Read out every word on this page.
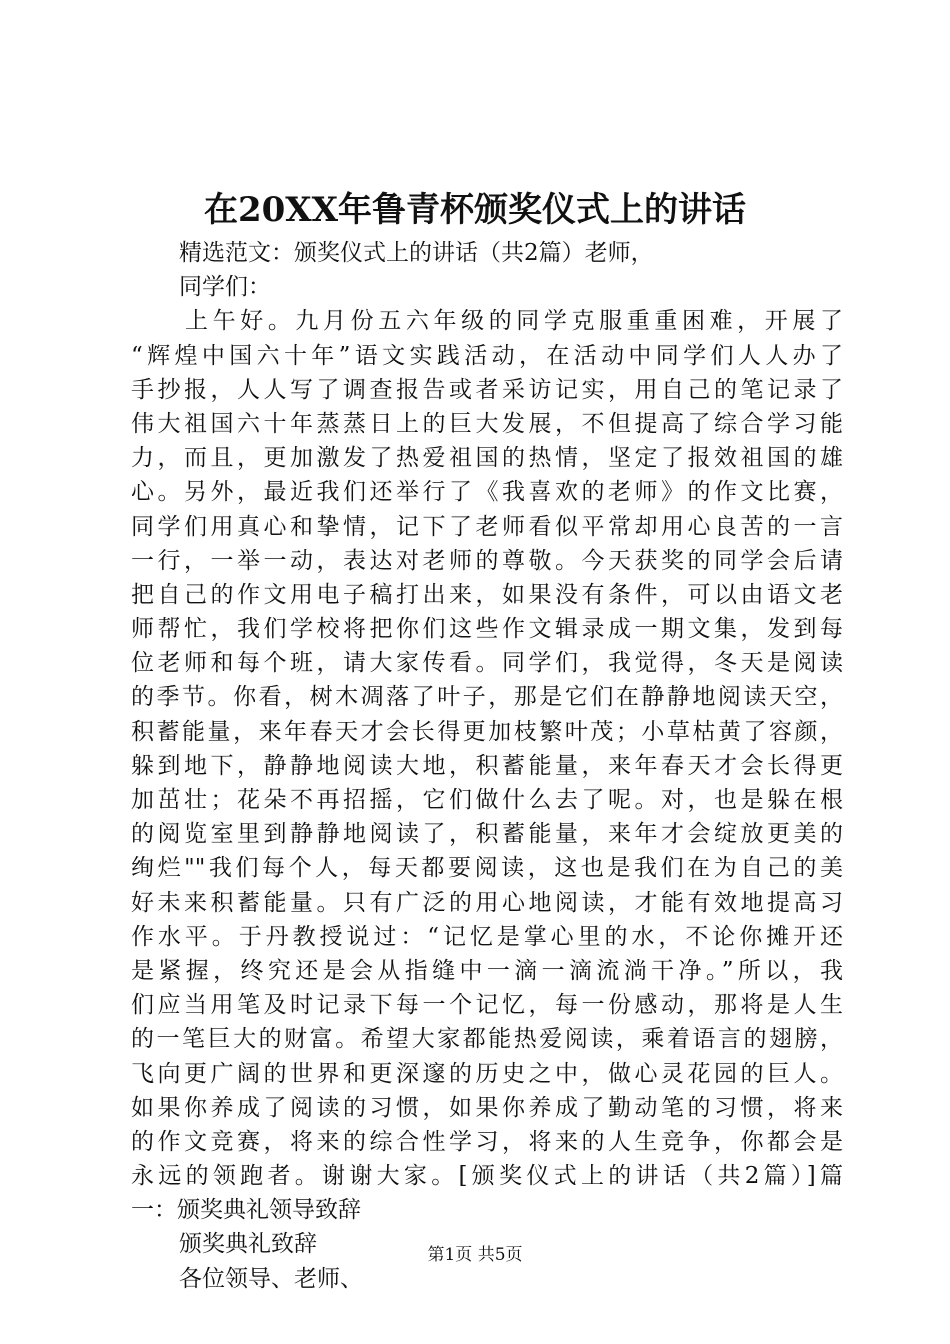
在20XX年鲁青杯颁奖仪式上的讲话
精选范文：颁奖仪式上的讲话（共2篇）老师，
同学们：
上午好。九月份五六年级的同学克服重重困难，开展了
“辉煌中国六十年”语文实践活动，在活动中同学们人人办了
手抄报，人人写了调查报告或者采访记实，用自己的笔记录了
伟大祖国六十年蒸蒸日上的巨大发展，不但提高了综合学习能
力，而且，更加激发了热爱祖国的热情，坚定了报效祖国的雄
心。另外，最近我们还举行了《我喜欢的老师》的作文比赛，
同学们用真心和挚情，记下了老师看似平常却用心良苦的一言
一行，一举一动，表达对老师的尊敬。今天获奖的同学会后请
把自己的作文用电子稿打出来，如果没有条件，可以由语文老
师帮忙，我们学校将把你们这些作文辑录成一期文集，发到每
位老师和每个班，请大家传看。同学们，我觉得，冬天是阅读
的季节。你看，树木凋落了叶子，那是它们在静静地阅读天空，
积蓄能量，来年春天才会长得更加枝繁叶茂；小草枯黄了容颜，
躲到地下，静静地阅读大地，积蓄能量，来年春天才会长得更
加茁壮；花朵不再招摇，它们做什么去了呢。对，也是躲在根
的阅览室里到静静地阅读了，积蓄能量，来年才会绽放更美的
绚烂""我们每个人，每天都要阅读，这也是我们在为自己的美
好未来积蓄能量。只有广泛的用心地阅读，才能有效地提高习
作水平。于丹教授说过：“记忆是掌心里的水，不论你摊开还
是紧握，终究还是会从指缝中一滴一滴流淌干净。”所以，我
们应当用笔及时记录下每一个记忆，每一份感动，那将是人生
的一笔巨大的财富。希望大家都能热爱阅读，乘着语言的翅膀，
飞向更广阔的世界和更深邃的历史之中，做心灵花园的巨人。
如果你养成了阅读的习惯，如果你养成了勤动笔的习惯，将来
的作文竞赛，将来的综合性学习，将来的人生竞争，你都会是
永远的领跑者。谢谢大家。[颁奖仪式上的讲话（共2篇）]篇
一：颁奖典礼领导致辞
颁奖典礼致辞
各位领导、老师、
第1页 共5页
